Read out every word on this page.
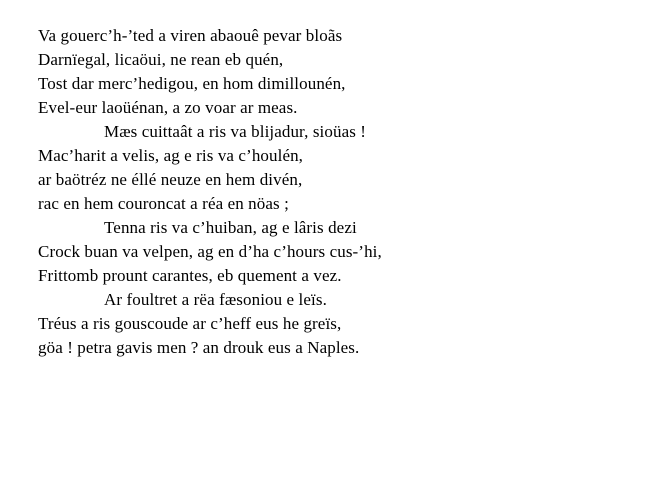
Va gouerc’h-’ted a viren abaouê pevar bloãs
Darnïegal, licaöui, ne rean eb quén,
Tost dar merc’hedigou, en hom dimillounén,
Evel-eur laoüénan, a zo voar ar meas.
Mæs cuittaât a ris va blijadur, sioüas !
Mac’harit a velis, ag e ris va c’houlén,
ar baötréz ne éllé neuze en hem divén,
rac en hem couroncat a réa en nöas ;
Tenna ris va c’huiban, ag e lâris dezi
Crock buan va velpen, ag en d’ha c’hours cus-’hi,
Frittomb prount carantes, eb quement a vez.
Ar foultret a rëa fæsoniou e leïs.
Tréus a ris gouscoude ar c’heff eus he greïs,
göa ! petra gavis men ? an drouk eus a Naples.
